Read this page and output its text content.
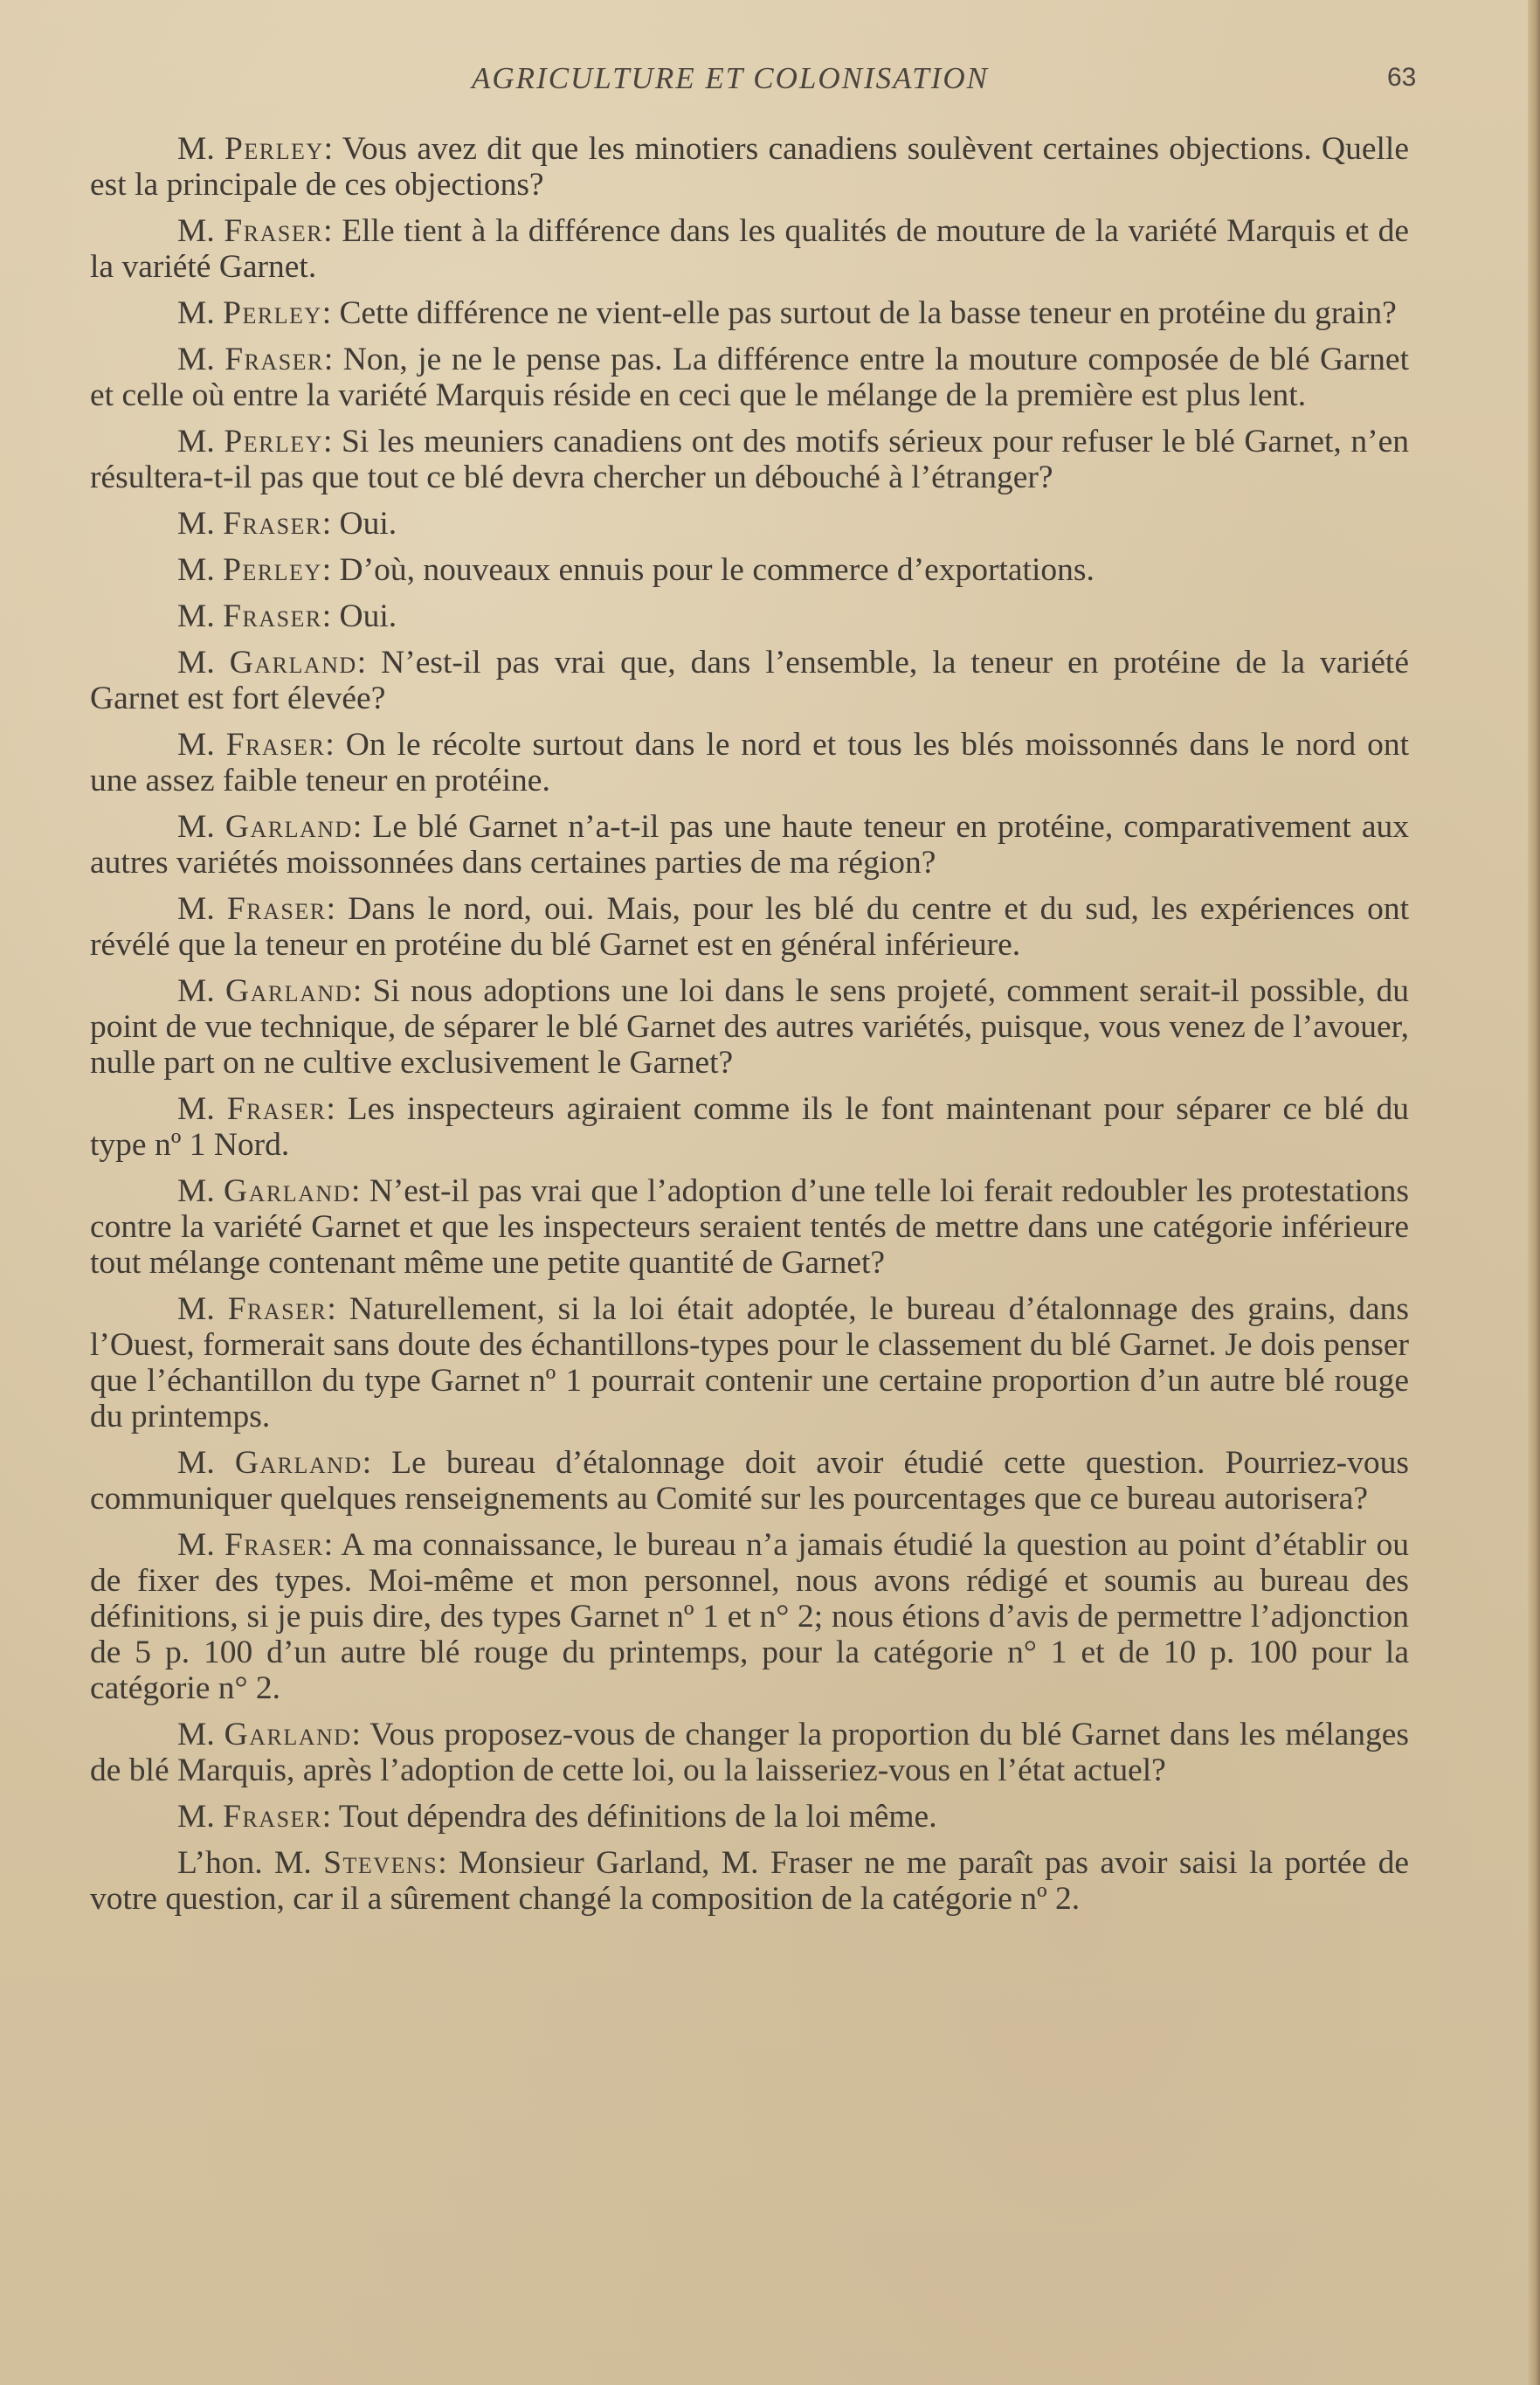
AGRICULTURE ET COLONISATION	63

M. Perley: Vous avez dit que les minotiers canadiens soulèvent certaines objections. Quelle est la principale de ces objections?

M. Fraser: Elle tient à la différence dans les qualités de mouture de la variété Marquis et de la variété Garnet.

M. Perley: Cette différence ne vient-elle pas surtout de la basse teneur en protéine du grain?

M. Fraser: Non, je ne le pense pas. La différence entre la mouture composée de blé Garnet et celle où entre la variété Marquis réside en ceci que le mélange de la première est plus lent.

M. Perley: Si les meuniers canadiens ont des motifs sérieux pour refuser le blé Garnet, n’en résultera-t-il pas que tout ce blé devra chercher un débouché à l’étranger?

M. Fraser: Oui.

M. Perley: D’où, nouveaux ennuis pour le commerce d’exportations.

M. Fraser: Oui.

M. Garland: N’est-il pas vrai que, dans l’ensemble, la teneur en protéine de la variété Garnet est fort élevée?

M. Fraser: On le récolte surtout dans le nord et tous les blés moissonnés dans le nord ont une assez faible teneur en protéine.

M. Garland: Le blé Garnet n’a-t-il pas une haute teneur en protéine, comparativement aux autres variétés moissonnées dans certaines parties de ma région?

M. Fraser: Dans le nord, oui. Mais, pour les blé du centre et du sud, les expériences ont révélé que la teneur en protéine du blé Garnet est en général inférieure.

M. Garland: Si nous adoptions une loi dans le sens projeté, comment serait-il possible, du point de vue technique, de séparer le blé Garnet des autres variétés, puisque, vous venez de l’avouer, nulle part on ne cultive exclusivement le Garnet?

M. Fraser: Les inspecteurs agiraient comme ils le font maintenant pour séparer ce blé du type nº 1 Nord.

M. Garland: N’est-il pas vrai que l’adoption d’une telle loi ferait redoubler les protestations contre la variété Garnet et que les inspecteurs seraient tentés de mettre dans une catégorie inférieure tout mélange contenant même une petite quantité de Garnet?

M. Fraser: Naturellement, si la loi était adoptée, le bureau d’étalonnage des grains, dans l’Ouest, formerait sans doute des échantillons-types pour le classement du blé Garnet. Je dois penser que l’échantillon du type Garnet nº 1 pourrait contenir une certaine proportion d’un autre blé rouge du printemps.

M. Garland: Le bureau d’étalonnage doit avoir étudié cette question. Pourriez-vous communiquer quelques renseignements au Comité sur les pourcentages que ce bureau autorisera?

M. Fraser: A ma connaissance, le bureau n’a jamais étudié la question au point d’établir ou de fixer des types. Moi-même et mon personnel, nous avons rédigé et soumis au bureau des définitions, si je puis dire, des types Garnet nº 1 et n° 2; nous étions d’avis de permettre l’adjonction de 5 p. 100 d’un autre blé rouge du printemps, pour la catégorie n° 1 et de 10 p. 100 pour la catégorie n° 2.

M. Garland: Vous proposez-vous de changer la proportion du blé Garnet dans les mélanges de blé Marquis, après l’adoption de cette loi, ou la laisseriez-vous en l’état actuel?

M. Fraser: Tout dépendra des définitions de la loi même.

L’hon. M. Stevens: Monsieur Garland, M. Fraser ne me paraît pas avoir saisi la portée de votre question, car il a sûrement changé la composition de la catégorie nº 2.
